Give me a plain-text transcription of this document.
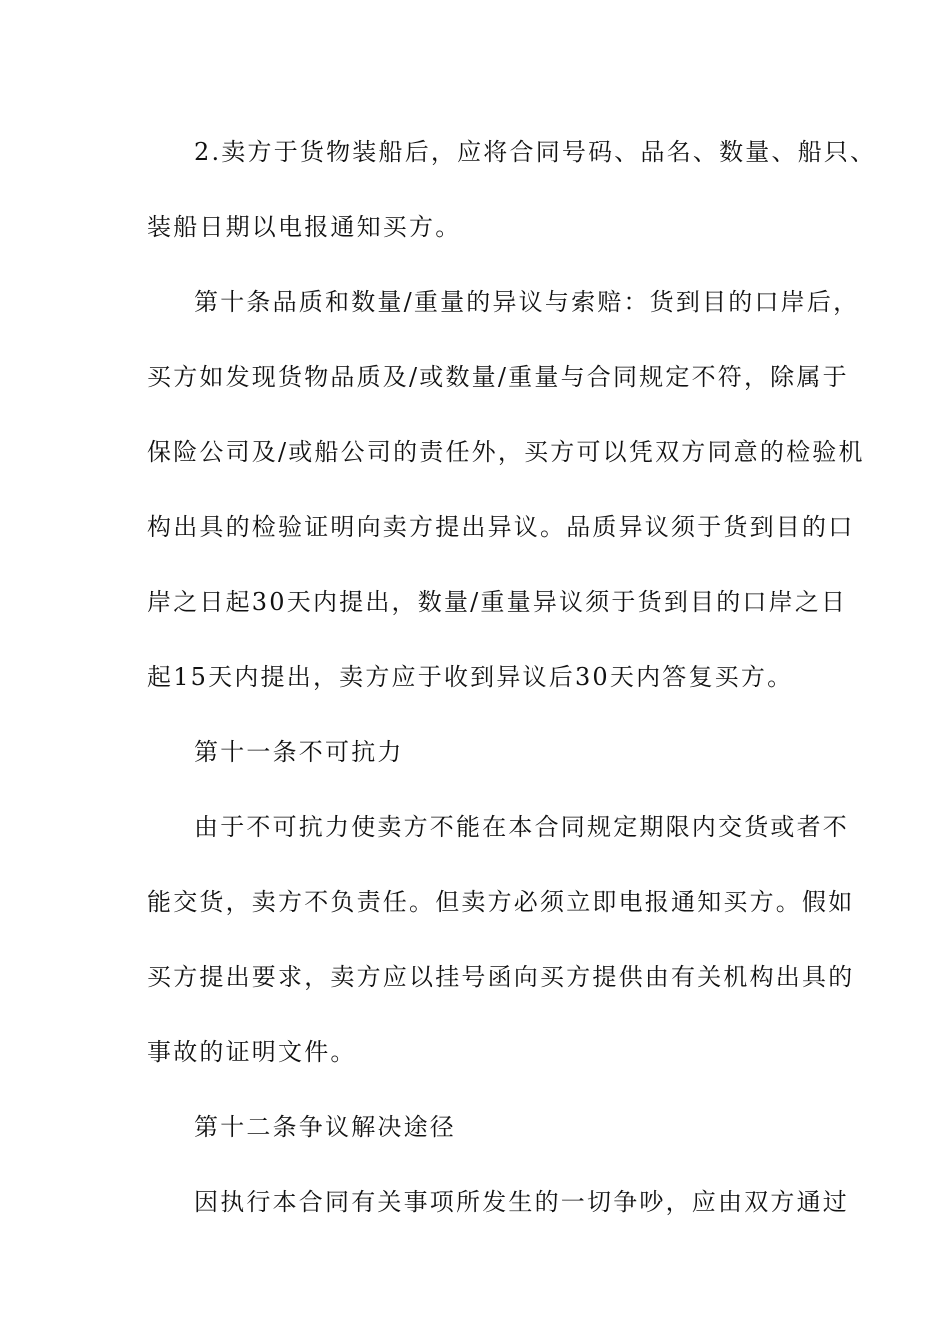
2.卖方于货物装船后，应将合同号码、品名、数量、船只、
装船日期以电报通知买方。
第十条品质和数量/重量的异议与索赔：货到目的口岸后，
买方如发现货物品质及/或数量/重量与合同规定不符，除属于
保险公司及/或船公司的责任外，买方可以凭双方同意的检验机
构出具的检验证明向卖方提出异议。品质异议须于货到目的口
岸之日起30天内提出，数量/重量异议须于货到目的口岸之日
起15天内提出，卖方应于收到异议后30天内答复买方。
第十一条不可抗力
由于不可抗力使卖方不能在本合同规定期限内交货或者不
能交货，卖方不负责任。但卖方必须立即电报通知买方。假如
买方提出要求，卖方应以挂号函向买方提供由有关机构出具的
事故的证明文件。
第十二条争议解决途径
因执行本合同有关事项所发生的一切争吵，应由双方通过
